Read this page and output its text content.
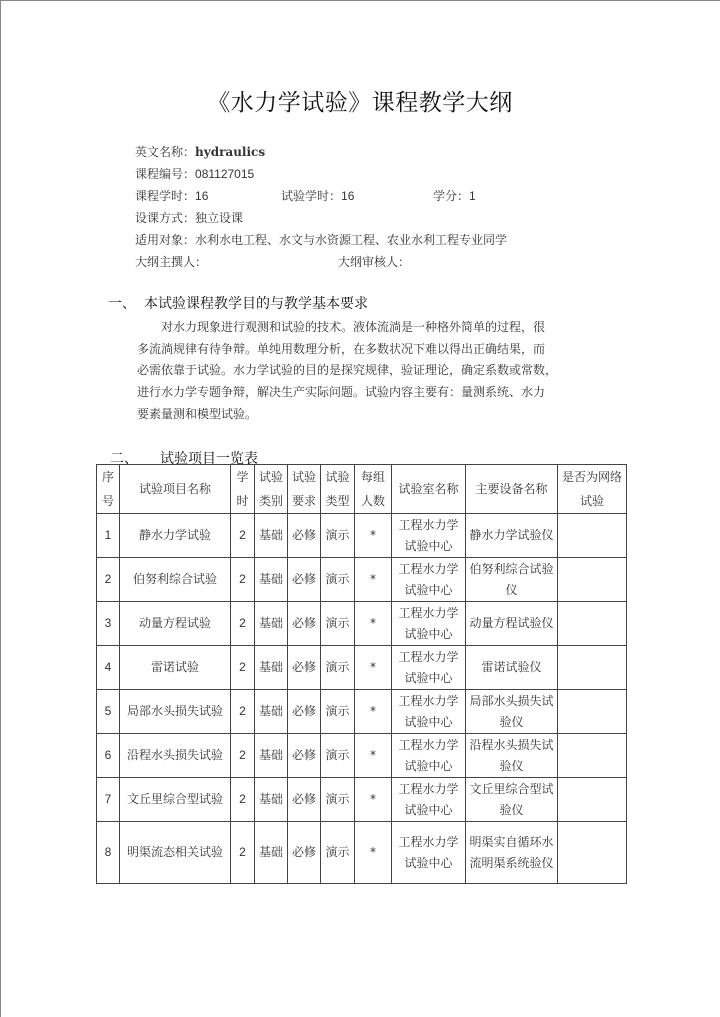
《水力学试验》课程教学大纲
英文名称：hydraulics
课程编号：081127015
课程学时：16	试验学时：16	学分：1
设课方式：独立设课
适用对象：水利水电工程、水文与水资源工程、农业水利工程专业同学
大纲主撰人：	大纲审核人：
一、 本试验课程教学目的与教学基本要求
对水力现象进行观测和试验的技术。液体流淌是一种格外简单的过程，很
多流淌规律有待争辩。单纯用数理分析，在多数状况下难以得出正确结果，而
必需依靠于试验。水力学试验的目的是探究规律，验证理论，确定系数或常数，
进行水力学专题争辩，解决生产实际问题。试验内容主要有：量测系统、水力
要素量测和模型试验。
二、 试验项目一览表
序号	试验项目名称	学时	试验类别	试验要求	试验类型	每组人数	试验室名称	主要设备名称	是否为网络试验
1	静水力学试验	2	基础	必修	演示	*	工程水力学试验中心	静水力学试验仪	
2	伯努利综合试验	2	基础	必修	演示	*	工程水力学试验中心	伯努利综合试验仪	
3	动量方程试验	2	基础	必修	演示	*	工程水力学试验中心	动量方程试验仪	
4	雷诺试验	2	基础	必修	演示	*	工程水力学试验中心	雷诺试验仪	
5	局部水头损失试验	2	基础	必修	演示	*	工程水力学试验中心	局部水头损失试验仪	
6	沿程水头损失试验	2	基础	必修	演示	*	工程水力学试验中心	沿程水头损失试验仪	
7	文丘里综合型试验	2	基础	必修	演示	*	工程水力学试验中心	文丘里综合型试验仪	
8	明渠流态相关试验	2	基础	必修	演示	*	工程水力学试验中心	明渠实自循环水流明渠系统验仪	
